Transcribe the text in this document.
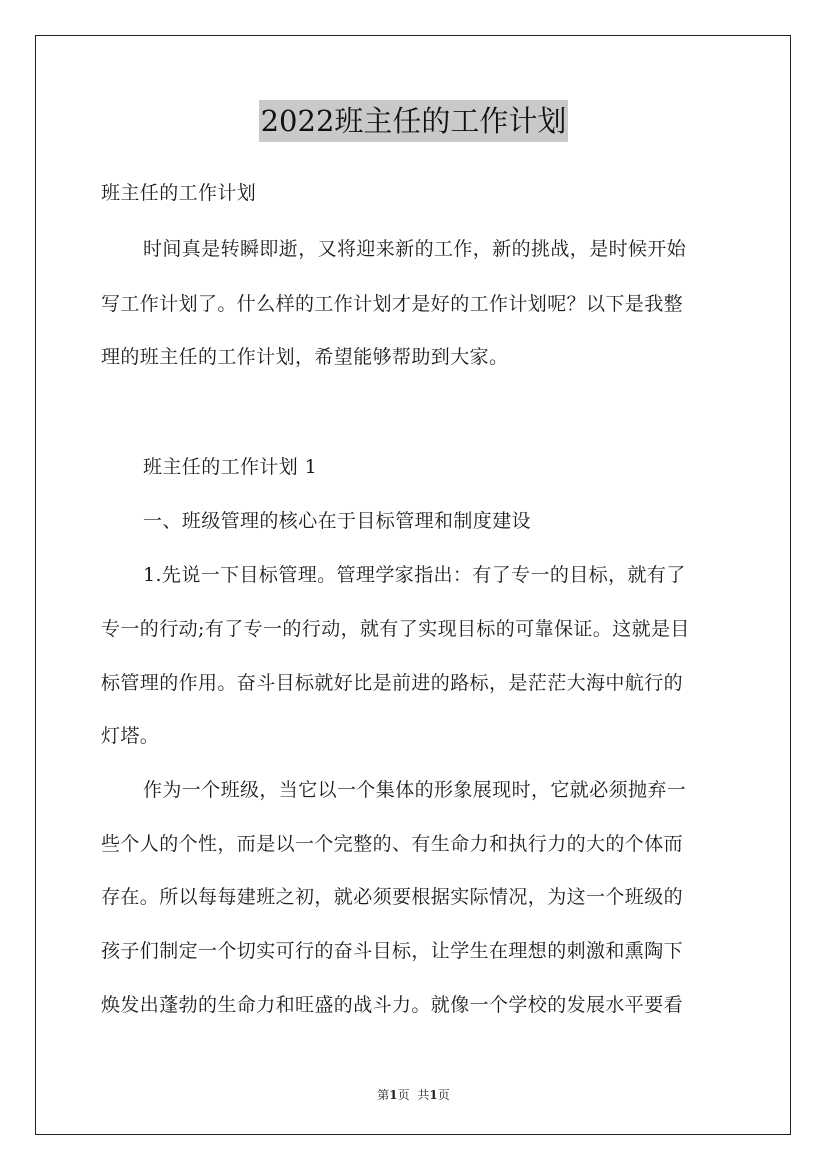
2022班主任的工作计划
班主任的工作计划
时间真是转瞬即逝，又将迎来新的工作，新的挑战，是时候开始
写工作计划了。什么样的工作计划才是好的工作计划呢？以下是我整
理的班主任的工作计划，希望能够帮助到大家。
班主任的工作计划 1
一、班级管理的核心在于目标管理和制度建设
1.先说一下目标管理。管理学家指出：有了专一的目标，就有了
专一的行动;有了专一的行动，就有了实现目标的可靠保证。这就是目
标管理的作用。奋斗目标就好比是前进的路标，是茫茫大海中航行的
灯塔。
作为一个班级，当它以一个集体的形象展现时，它就必须抛弃一
些个人的个性，而是以一个完整的、有生命力和执行力的大的个体而
存在。所以每每建班之初，就必须要根据实际情况，为这一个班级的
孩子们制定一个切实可行的奋斗目标，让学生在理想的刺激和熏陶下
焕发出蓬勃的生命力和旺盛的战斗力。就像一个学校的发展水平要看
第1页 共1页
